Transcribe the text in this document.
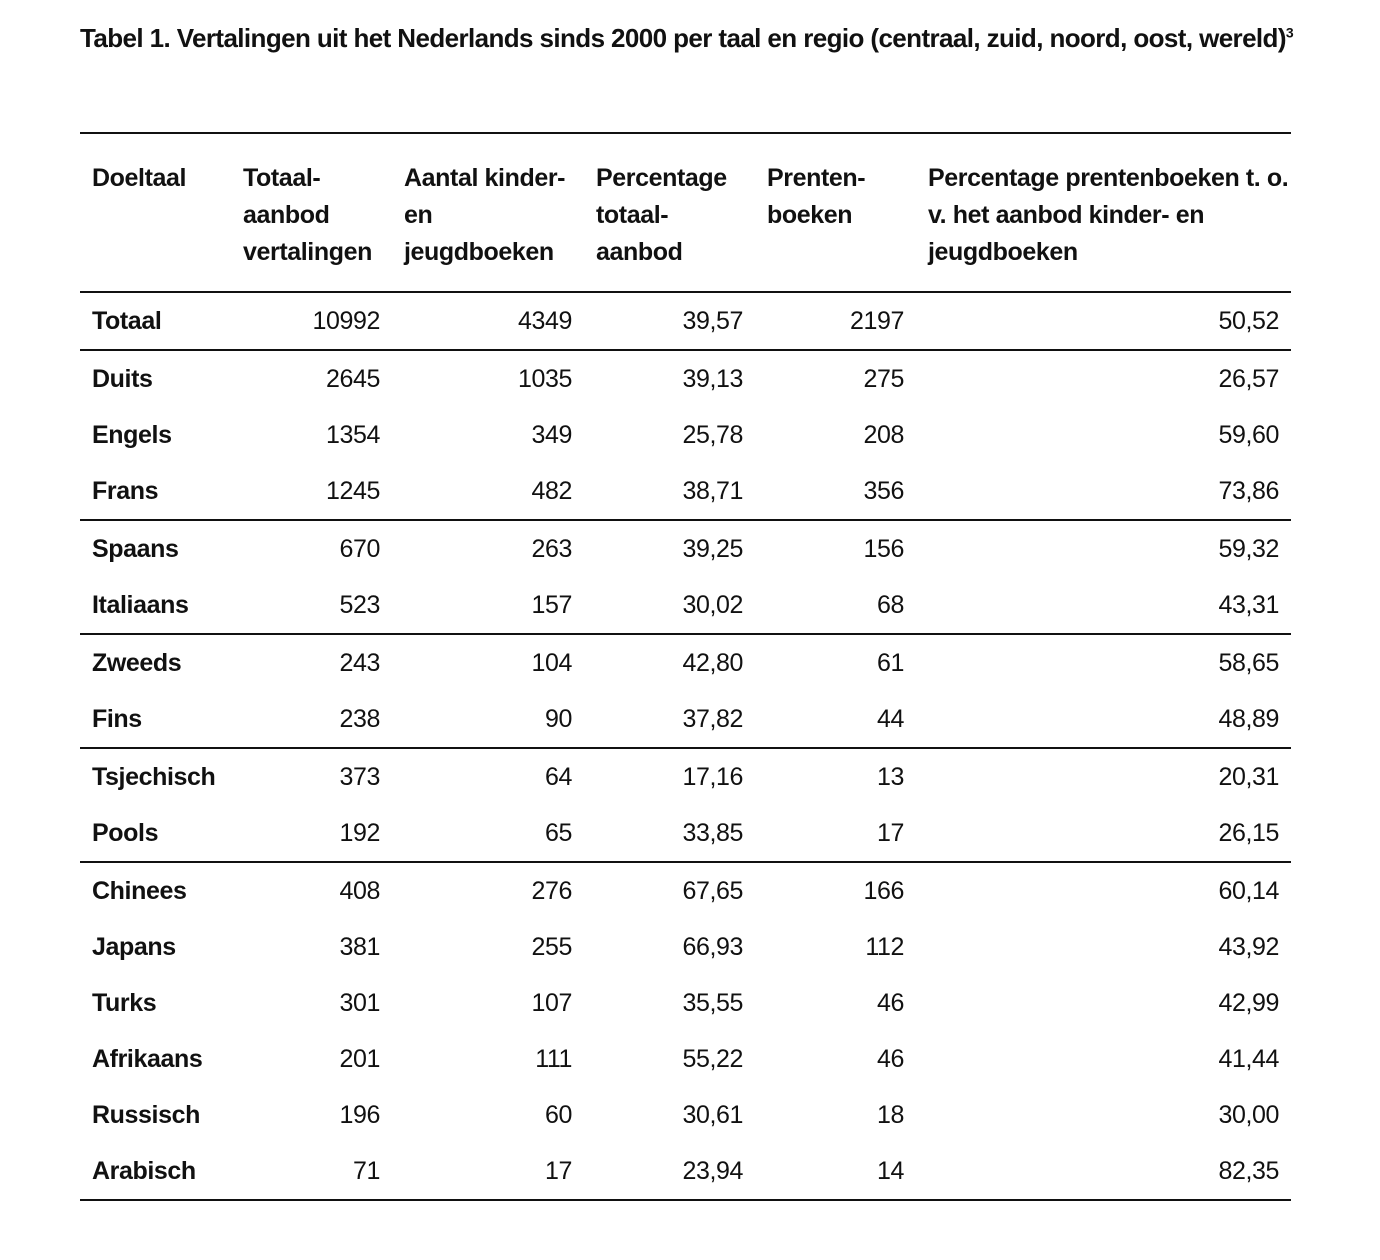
Tabel 1. Vertalingen uit het Nederlands sinds 2000 per taal en regio (centraal, zuid, noord, oost, wereld)$^3$
Doeltaal	Totaal- aanbod vertalingen	Aantal kinder- en jeugdboeken	Percentage totaal- aanbod	Prenten- boeken	Percentage prentenboeken t. o. v. het aanbod kinder- en jeugdboeken
Totaal	10992	4349	39,57	2197	50,52
Duits	2645	1035	39,13	275	26,57
Engels	1354	349	25,78	208	59,60
Frans	1245	482	38,71	356	73,86
Spaans	670	263	39,25	156	59,32
Italiaans	523	157	30,02	68	43,31
Zweeds	243	104	42,80	61	58,65
Fins	238	90	37,82	44	48,89
Tsjechisch	373	64	17,16	13	20,31
Pools	192	65	33,85	17	26,15
Chinees	408	276	67,65	166	60,14
Japans	381	255	66,93	112	43,92
Turks	301	107	35,55	46	42,99
Afrikaans	201	111	55,22	46	41,44
Russisch	196	60	30,61	18	30,00
Arabisch	71	17	23,94	14	82,35
